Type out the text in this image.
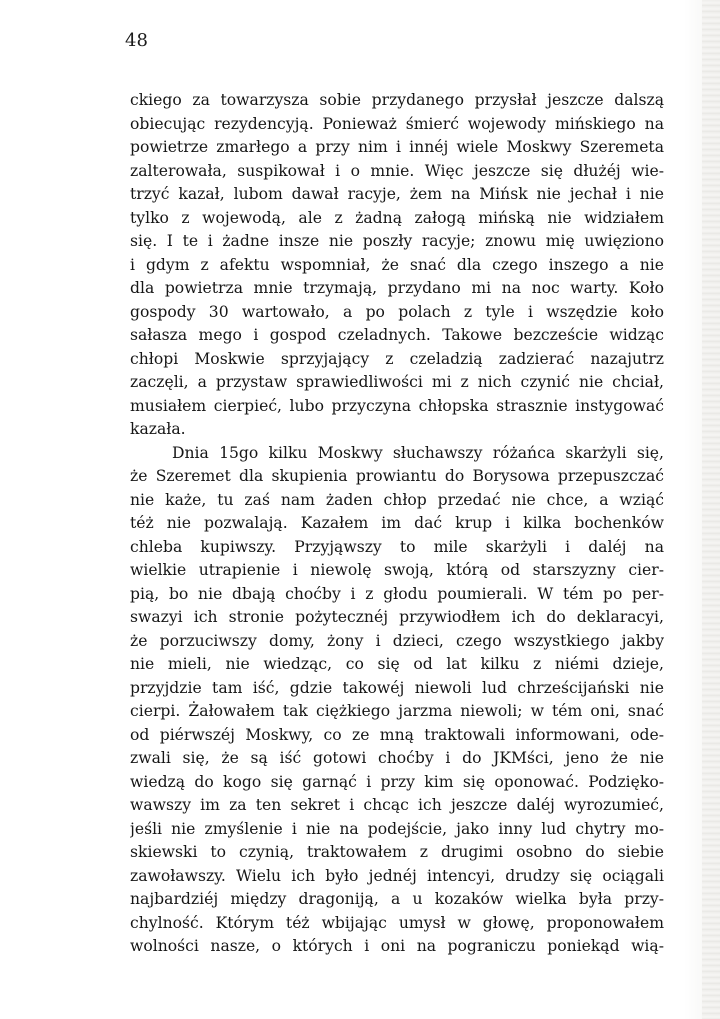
48

ckiego za towarzysza sobie przydanego przysłał jeszcze dalszą
obiecując rezydencyją. Ponieważ śmierć wojewody mińskiego na
powietrze zmarłego a przy nim i innéj wiele Moskwy Szeremeta
zalterowała, suspikował i o mnie. Więc jeszcze się dłużéj wie-
trzyć kazał, lubom dawał racyje, żem na Mińsk nie jechał i nie
tylko z wojewodą, ale z żadną załogą mińską nie widziałem
się. I te i żadne insze nie poszły racyje; znowu mię uwięziono
i gdym z afektu wspomniał, że snać dla czego inszego a nie
dla powietrza mnie trzymają, przydano mi na noc warty. Koło
gospody 30 wartowało, a po polach z tyle i wszędzie koło
sałasza mego i gospod czeladnych. Takowe bezczeście widząc
chłopi Moskwie sprzyjający z czeladzią zadzierać nazajutrz
zaczęli, a przystaw sprawiedliwości mi z nich czynić nie chciał,
musiałem cierpieć, lubo przyczyna chłopska strasznie instygować
kazała.
Dnia 15go kilku Moskwy słuchawszy różańca skarżyli się,
że Szeremet dla skupienia prowiantu do Borysowa przepuszczać
nie każe, tu zaś nam żaden chłop przedać nie chce, a wziąć
téż nie pozwalają. Kazałem im dać krup i kilka bochenków
chleba kupiwszy. Przyjąwszy to mile skarżyli i daléj na
wielkie utrapienie i niewolę swoją, którą od starszyzny cier-
pią, bo nie dbają choćby i z głodu poumierali. W tém po per-
swazyi ich stronie pożytecznéj przywiodłem ich do deklaracyi,
że porzuciwszy domy, żony i dzieci, czego wszystkiego jakby
nie mieli, nie wiedząc, co się od lat kilku z niémi dzieje,
przyjdzie tam iść, gdzie takowéj niewoli lud chrześcijański nie
cierpi. Żałowałem tak ciężkiego jarzma niewoli; w tém oni, snać
od piérwszéj Moskwy, co ze mną traktowali informowani, ode-
zwali się, że są iść gotowi choćby i do JKMści, jeno że nie
wiedzą do kogo się garnąć i przy kim się oponować. Podzięko-
wawszy im za ten sekret i chcąc ich jeszcze daléj wyrozumieć,
jeśli nie zmyślenie i nie na podejście, jako inny lud chytry mo-
skiewski to czynią, traktowałem z drugimi osobno do siebie
zawoławszy. Wielu ich było jednéj intencyi, drudzy się ociągali
najbardziéj między dragoniją, a u kozaków wielka była przy-
chylność. Którym téż wbijając umysł w głowę, proponowałem
wolności nasze, o których i oni na pograniczu poniekąd wią-
